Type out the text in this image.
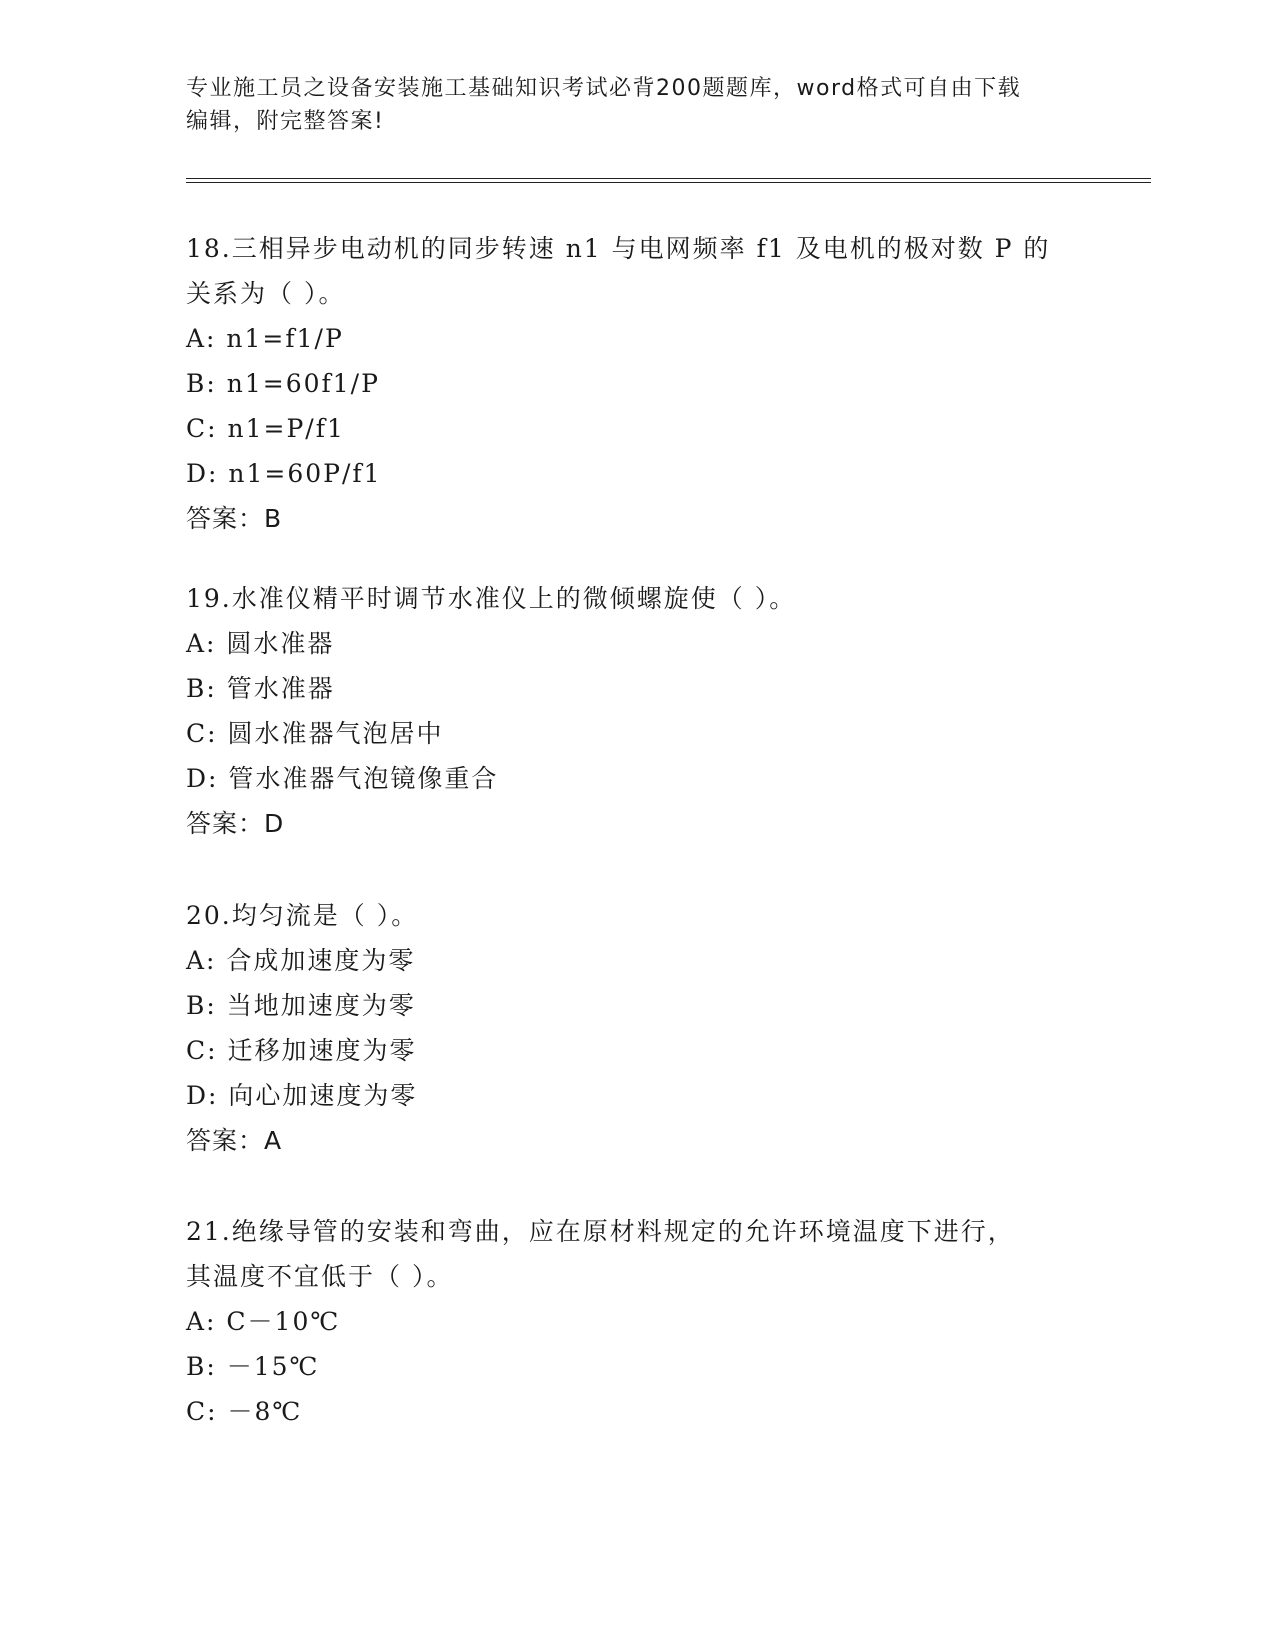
专业施工员之设备安装施工基础知识考试必背200题题库，word格式可自由下载
编辑，附完整答案!
18.三相异步电动机的同步转速 n1 与电网频率 f1 及电机的极对数 P 的
关系为（ ）。
A: n1=f1/P
B: n1=60f1/P
C: n1=P/f1
D: n1=60P/f1
答案：B
19.水准仪精平时调节水准仪上的微倾螺旋使（ ）。
A: 圆水准器
B: 管水准器
C: 圆水准器气泡居中
D: 管水准器气泡镜像重合
答案：D
20.均匀流是（ ）。
A: 合成加速度为零
B: 当地加速度为零
C: 迁移加速度为零
D: 向心加速度为零
答案：A
21.绝缘导管的安装和弯曲，应在原材料规定的允许环境温度下进行，
其温度不宜低于（ ）。
A: C－10℃
B: －15℃
C: －8℃
